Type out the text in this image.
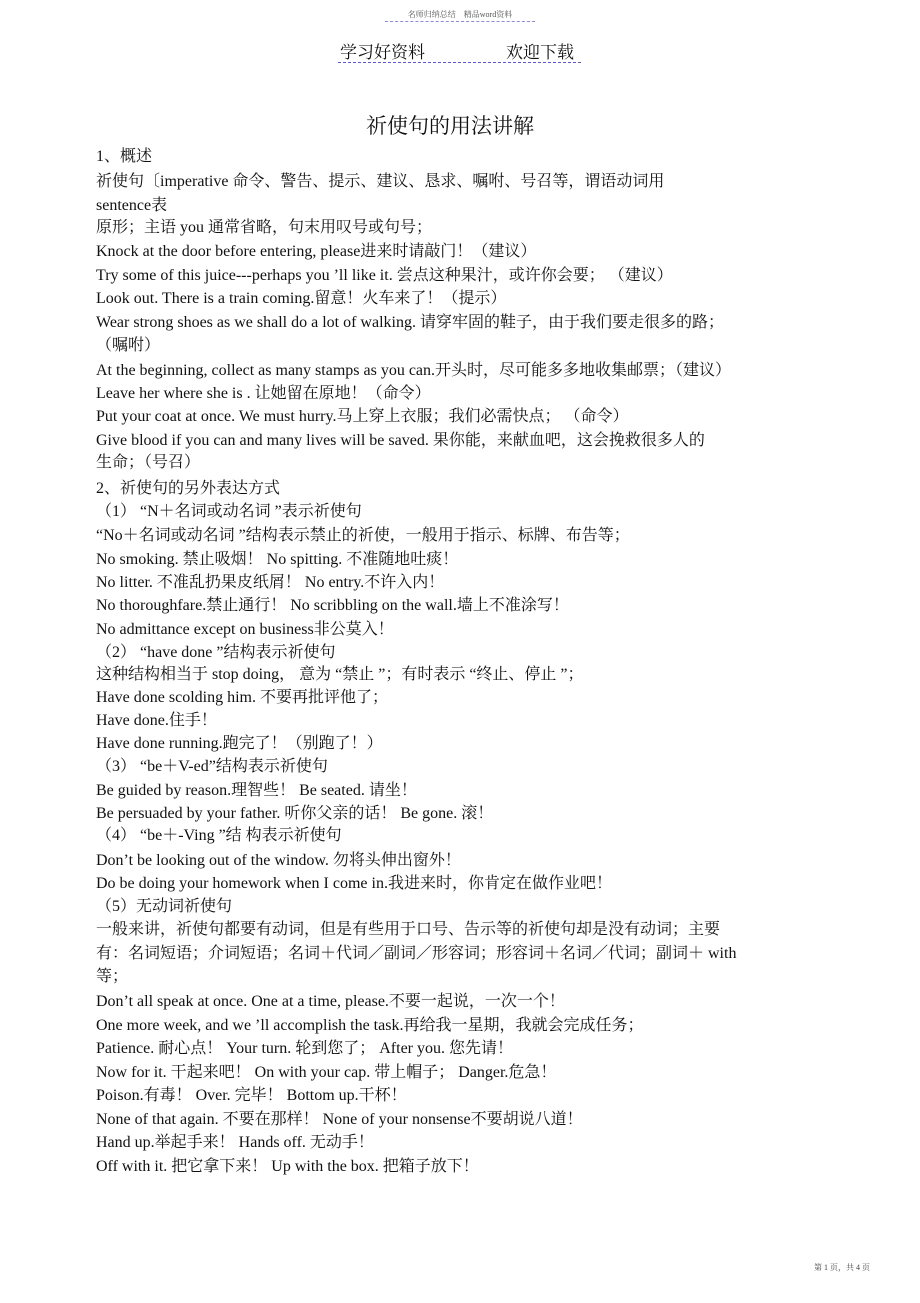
名师归纳总结 精品word资料
学习好资料	欢迎下载
祈使句的用法讲解
1、概述
祈使句〔imperative 命令、警告、提示、建议、恳求、嘱咐、号召等，谓语动词用
sentence表
原形；主语 you 通常省略，句末用叹号或句号；
Knock at the door before entering, please进来时请敲门！（建议）
Try some of this juice---perhaps you ’ll like it. 尝点这种果汁，或许你会要； （建议）
Look out. There is a train coming.留意！火车来了！（提示）
Wear strong shoes as we shall do a lot of walking. 请穿牢固的鞋子，由于我们要走很多的路；
（嘱咐）
At the beginning, collect as many stamps as you can.开头时，尽可能多多地收集邮票；（建议）
Leave her where she is . 让她留在原地！（命令）
Put your coat at once. We must hurry.马上穿上衣服；我们必需快点； （命令）
Give blood if you can and many lives will be saved. 果你能，来献血吧，这会挽救很多人的
生命；（号召）
2、祈使句的另外表达方式
（1） “N＋名词或动名词 ”表示祈使句
“No＋名词或动名词 ”结构表示禁止的祈使，一般用于指示、标牌、布告等；
No smoking. 禁止吸烟！ No spitting. 不准随地吐痰！
No litter. 不准乱扔果皮纸屑！ No entry.不许入内！
No thoroughfare.禁止通行！ No scribbling on the wall.墙上不准涂写！
No admittance except on business非公莫入！
（2） “have done ”结构表示祈使句
这种结构相当于 stop doing， 意为 “禁止 ”；有时表示 “终止、停止 ”；
Have done scolding him. 不要再批评他了；
Have done.住手！
Have done running.跑完了！（别跑了！）
（3） “be＋V-ed”结构表示祈使句
Be guided by reason.理智些！ Be seated. 请坐！
Be persuaded by your father. 听你父亲的话！ Be gone. 滚！
（4） “be＋-Ving ”结 构表示祈使句
Don’t be looking out of the window. 勿将头伸出窗外！
Do be doing your homework when I come in.我进来时，你肯定在做作业吧！
（5）无动词祈使句
一般来讲，祈使句都要有动词，但是有些用于口号、告示等的祈使句却是没有动词；主要
有：名词短语；介词短语；名词＋代词／副词／形容词；形容词＋名词／代词；副词＋ with
等；
Don’t all speak at once. One at a time, please.不要一起说，一次一个！
One more week, and we ’ll accomplish the task.再给我一星期，我就会完成任务；
Patience. 耐心点！ Your turn. 轮到您了； After you. 您先请！
Now for it. 干起来吧！ On with your cap. 带上帽子； Danger.危急！
Poison.有毒！ Over. 完毕！ Bottom up.干杯！
None of that again. 不要在那样！ None of your nonsense不要胡说八道！
Hand up.举起手来！ Hands off. 无动手！
Off with it. 把它拿下来！ Up with the box. 把箱子放下！
第 1 页，共 4 页
